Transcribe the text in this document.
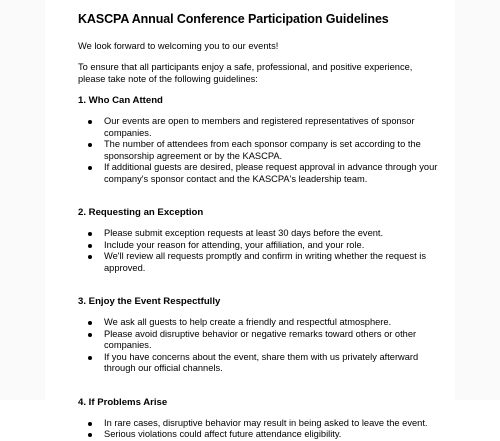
KASCPA Annual Conference Participation Guidelines

We look forward to welcoming you to our events!

To ensure that all participants enjoy a safe, professional, and positive experience, please take note of the following guidelines:

1. Who Can Attend
Our events are open to members and registered representatives of sponsor companies.
The number of attendees from each sponsor company is set according to the sponsorship agreement or by the KASCPA.
If additional guests are desired, please request approval in advance through your company's sponsor contact and the KASCPA's leadership team.
2. Requesting an Exception
Please submit exception requests at least 30 days before the event.
Include your reason for attending, your affiliation, and your role.
We'll review all requests promptly and confirm in writing whether the request is approved.
3. Enjoy the Event Respectfully
We ask all guests to help create a friendly and respectful atmosphere.
Please avoid disruptive behavior or negative remarks toward others or other companies.
If you have concerns about the event, share them with us privately afterward through our official channels.
4. If Problems Arise
In rare cases, disruptive behavior may result in being asked to leave the event.
Serious violations could affect future attendance eligibility.
